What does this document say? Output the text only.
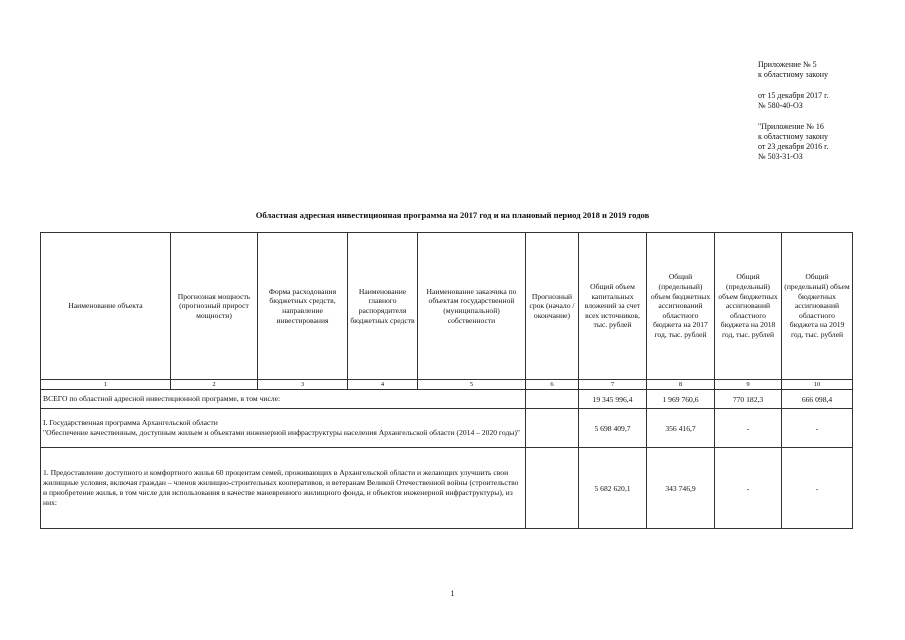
Приложение № 5

к областному закону

от 15 декабря 2017 г.

№ 580-40-ОЗ

"Приложение № 16

к областному закону

от 23 декабря 2016 г.

№ 503-31-ОЗ

Областная адресная инвестиционная программа на 2017 год и на плановый период 2018 и 2019 годов
Наименование объекта	Прогнозная мощность (прогнозный прирост мощности)	Форма расходования бюджетных средств, направление инвестирования	Наименование главного распорядителя бюджетных средств	Наименование заказчика по объектам государственной (муниципальной) собственности	Прогнозный срок (начало / окончание)	Общий объем капитальных вложений за счет всех источников, тыс. рублей	Общий (предельный) объем бюджетных ассигнований областного бюджета на 2017 год, тыс. рублей	Общий (предельный) объем бюджетных ассигнований областного бюджета на 2018 год, тыс. рублей	Общий (предельный) объем бюджетных ассигнований областного бюджета на 2019 год, тыс. рублей
1	2	3	4	5	6	7	8	9	10
ВСЕГО по областной адресной инвестиционной программе, в том числе:						19 345 996,4	1 969 760,6	770 182,3	666 098,4
I. Государственная программа Архангельской области
"Обеспечение качественным, доступным жильем и объектами инженерной инфраструктуры населения Архангельской области (2014 – 2020 годы)"						5 698 409,7	356 416,7	-	-
1. Предоставление доступного и комфортного жилья 60 процентам семей, проживающих в Архангельской области и желающих улучшить свои жилищные условия, включая граждан – членов жилищно-строительных кооперативов, и ветеранам Великой Отечественной войны (строительство и приобретение жилья, в том числе для использования в качестве маневренного жилищного фонда, и объектов инженерной инфраструктуры), из них:						5 682 620,1	343 746,9	-	-
1
